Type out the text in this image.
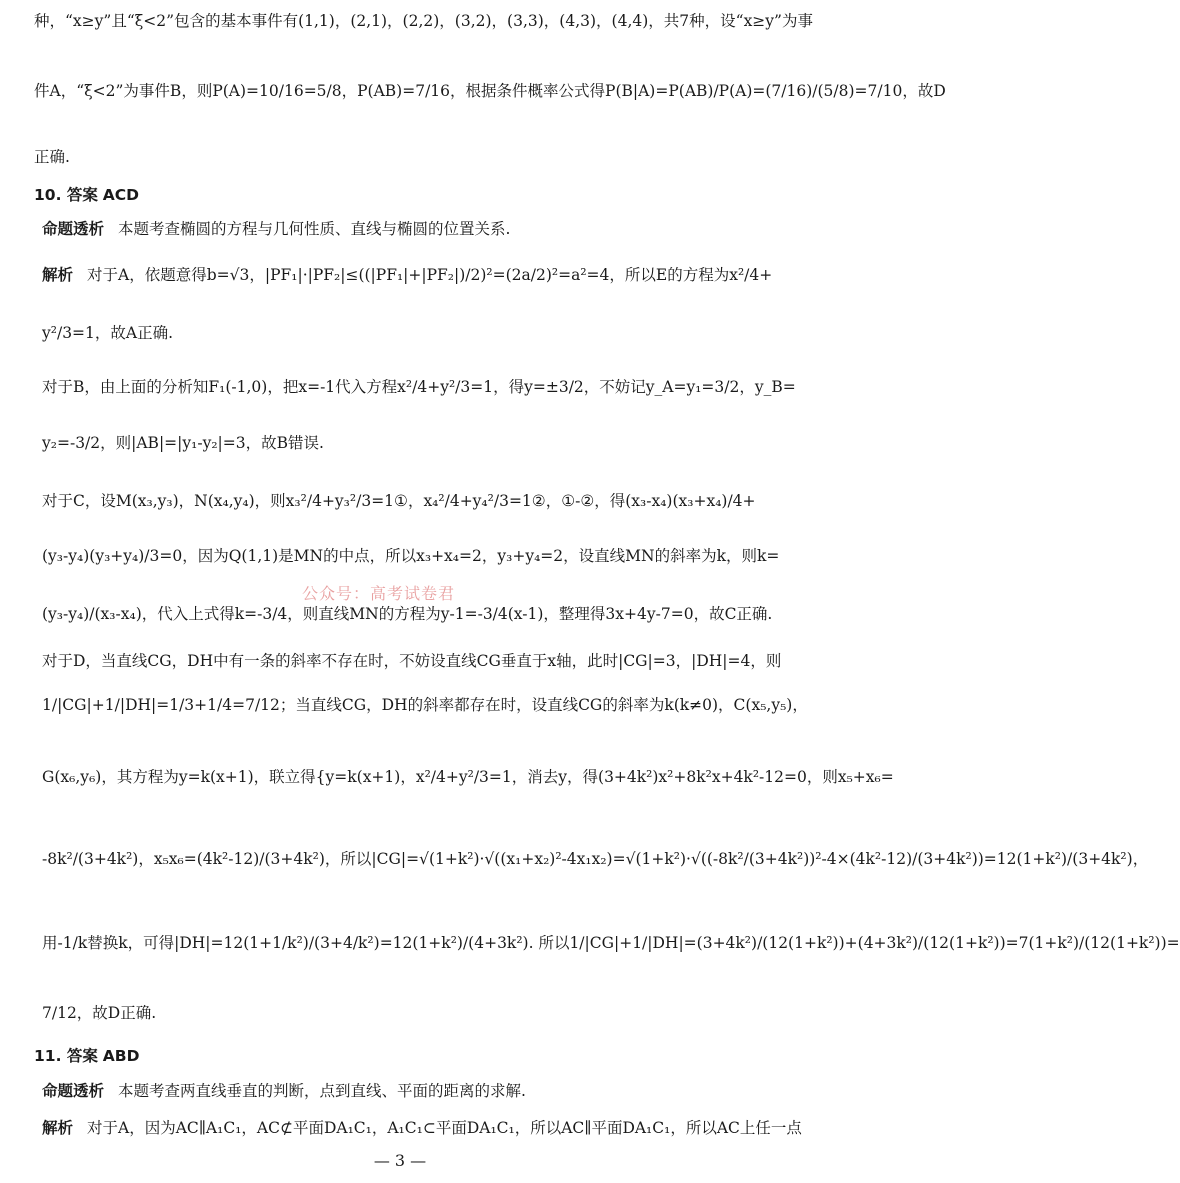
种，“x≥y”且“ξ<2”包含的基本事件有(1,1)，(2,1)，(2,2)，(3,2)，(3,3)，(4,3)，(4,4)，共7种，设“x≥y”为事
件A，“ξ<2”为事件B，则P(A)=10/16=5/8，P(AB)=7/16，根据条件概率公式得P(B|A)=P(AB)/P(A)=(7/16)/(5/8)=7/10，故D
正确.
10. 答案 ACD
命题透析 本题考查椭圆的方程与几何性质、直线与椭圆的位置关系.
解析 对于A，依题意得b=√3，|PF₁|·|PF₂|≤((|PF₁|+|PF₂|)/2)²=(2a/2)²=a²=4，所以E的方程为x²/4+
y²/3=1，故A正确.
对于B，由上面的分析知F₁(-1,0)，把x=-1代入方程x²/4+y²/3=1，得y=±3/2，不妨记y_A=y₁=3/2，y_B=
y₂=-3/2，则|AB|=|y₁-y₂|=3，故B错误.
对于C，设M(x₃,y₃)，N(x₄,y₄)，则x₃²/4+y₃²/3=1①，x₄²/4+y₄²/3=1②，①-②，得(x₃-x₄)(x₃+x₄)/4+
(y₃-y₄)(y₃+y₄)/3=0，因为Q(1,1)是MN的中点，所以x₃+x₄=2，y₃+y₄=2，设直线MN的斜率为k，则k=
(y₃-y₄)/(x₃-x₄)，代入上式得k=-3/4，则直线MN的方程为y-1=-3/4(x-1)，整理得3x+4y-7=0，故C正确.
对于D，当直线CG，DH中有一条的斜率不存在时，不妨设直线CG垂直于x轴，此时|CG|=3，|DH|=4，则
1/|CG|+1/|DH|=1/3+1/4=7/12；当直线CG，DH的斜率都存在时，设直线CG的斜率为k(k≠0)，C(x₅,y₅)，
G(x₆,y₆)，其方程为y=k(x+1)，联立得{y=k(x+1)，x²/4+y²/3=1，消去y，得(3+4k²)x²+8k²x+4k²-12=0，则x₅+x₆=
-8k²/(3+4k²)，x₅x₆=(4k²-12)/(3+4k²)，所以|CG|=√(1+k²)·√((x₁+x₂)²-4x₁x₂)=√(1+k²)·√((-8k²/(3+4k²))²-4×(4k²-12)/(3+4k²))=12(1+k²)/(3+4k²)，
用-1/k替换k，可得|DH|=12(1+1/k²)/(3+4/k²)=12(1+k²)/(4+3k²). 所以1/|CG|+1/|DH|=(3+4k²)/(12(1+k²))+(4+3k²)/(12(1+k²))=7(1+k²)/(12(1+k²))=
7/12，故D正确.
公众号：高考试卷君
11. 答案 ABD
命题透析 本题考查两直线垂直的判断，点到直线、平面的距离的求解.
解析 对于A，因为AC∥A₁C₁，AC⊄平面DA₁C₁，A₁C₁⊂平面DA₁C₁，所以AC∥平面DA₁C₁，所以AC上任一点
— 3 —
